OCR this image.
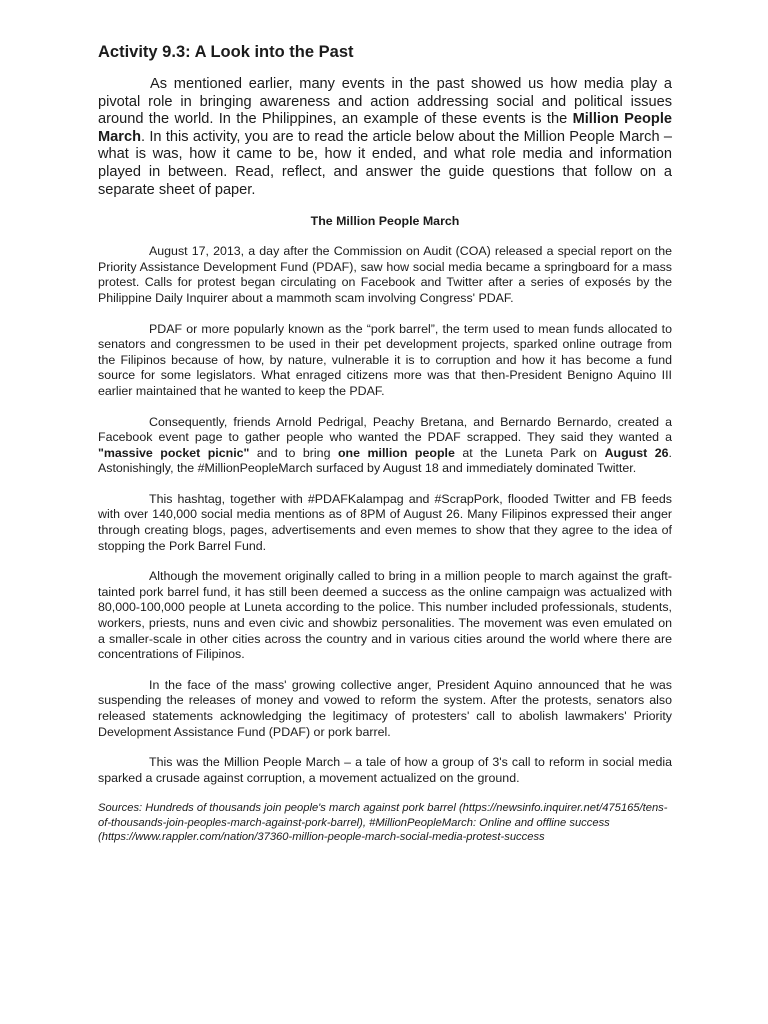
Activity 9.3: A Look into the Past

As mentioned earlier, many events in the past showed us how media play a pivotal role in bringing awareness and action addressing social and political issues around the world. In the Philippines, an example of these events is the Million People March. In this activity, you are to read the article below about the Million People March – what is was, how it came to be, how it ended, and what role media and information played in between. Read, reflect, and answer the guide questions that follow on a separate sheet of paper.

The Million People March

August 17, 2013, a day after the Commission on Audit (COA) released a special report on the Priority Assistance Development Fund (PDAF), saw how social media became a springboard for a mass protest. Calls for protest began circulating on Facebook and Twitter after a series of exposés by the Philippine Daily Inquirer about a mammoth scam involving Congress' PDAF.

PDAF or more popularly known as the “pork barrel”, the term used to mean funds allocated to senators and congressmen to be used in their pet development projects, sparked online outrage from the Filipinos because of how, by nature, vulnerable it is to corruption and how it has become a fund source for some legislators. What enraged citizens more was that then-President Benigno Aquino III earlier maintained that he wanted to keep the PDAF.

Consequently, friends Arnold Pedrigal, Peachy Bretana, and Bernardo Bernardo, created a Facebook event page to gather people who wanted the PDAF scrapped. They said they wanted a "massive pocket picnic" and to bring one million people at the Luneta Park on August 26. Astonishingly, the #MillionPeopleMarch surfaced by August 18 and immediately dominated Twitter.

This hashtag, together with #PDAFKalampag and #ScrapPork, flooded Twitter and FB feeds with over 140,000 social media mentions as of 8PM of August 26. Many Filipinos expressed their anger through creating blogs, pages, advertisements and even memes to show that they agree to the idea of stopping the Pork Barrel Fund.

Although the movement originally called to bring in a million people to march against the graft-tainted pork barrel fund, it has still been deemed a success as the online campaign was actualized with 80,000-100,000 people at Luneta according to the police. This number included professionals, students, workers, priests, nuns and even civic and showbiz personalities. The movement was even emulated on a smaller-scale in other cities across the country and in various cities around the world where there are concentrations of Filipinos.

In the face of the mass' growing collective anger, President Aquino announced that he was suspending the releases of money and vowed to reform the system. After the protests, senators also released statements acknowledging the legitimacy of protesters' call to abolish lawmakers' Priority Development Assistance Fund (PDAF) or pork barrel.

This was the Million People March – a tale of how a group of 3's call to reform in social media sparked a crusade against corruption, a movement actualized on the ground.

Sources: Hundreds of thousands join people's march against pork barrel (https://newsinfo.inquirer.net/475165/tens-of-thousands-join-peoples-march-against-pork-barrel), #MillionPeopleMarch: Online and offline success (https://www.rappler.com/nation/37360-million-people-march-social-media-protest-success
